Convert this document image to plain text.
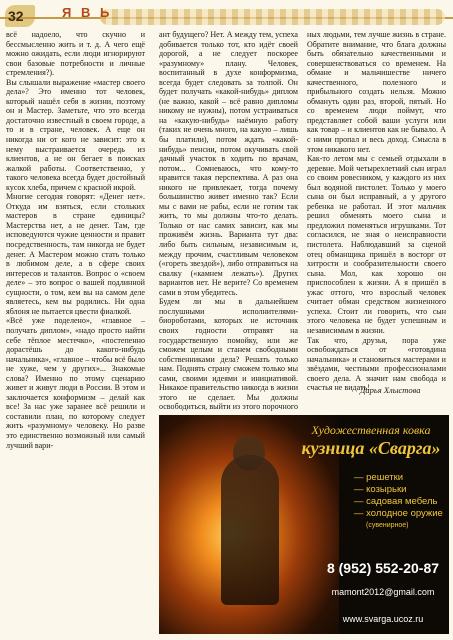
32	Я В Ь

всё надоело, что скучно и бессмысленно жить и т. д. А чего ещё можно ожидать, если люди игнорируют свои базовые потребности и личные стремления?).

Вы слышали выражение «мастер своего дела»? Это именно тот человек, который нашёл себя в жизни, поэтому он и Мастер. Заметьте, что это всегда достаточно известный в своем городе, а то и в стране, человек. А еще он никогда ни от кого не зависит: это к нему выстраивается очередь из клиентов, а не он бегает в поисках жалкой работы. Соответственно, у такого человека всегда будет достойный кусок хлеба, причем с красной икрой.

Многие сегодня говорят: «Денег нет». Откуда им взяться, если стольких мастеров в стране единицы? Мастерства нет, а не денег. Там, где исповедуются чужие ценности и правит посредственность, там никогда не будет денег. А Мастером можно стать только в любимом деле, а в сфере своих интересов и талантов. Вопрос о «своем деле» – это вопрос о вашей подлинной сущности, о том, кем вы на самом деле являетесь, кем вы родились. Ни одна яблоня не пытается цвести фиалкой.

«Всё уже поделено», «главное – получать диплом», «надо просто найти себе тёплое местечко», «постепенно дорастёшь до какого-нибудь начальника», «главное – чтобы всё было не хуже, чем у других»... Знакомые слова? Именно по этому сценарию живет и живут люди в России. В этом и заключается конформизм – делай как все! За нас уже заранее всё решили и составили план, по которому следует жить «разумному» человеку. Но разве это единственно возможный или самый лучший вари-

ант будущего? Нет. А между тем, успеха добивается только тот, кто идёт своей дорогой, а не следует поскорее «разумному» плану. Человек, воспитанный в духе конформизма, всегда будет следовать за толпой. Он будет получать «какой-нибудь» диплом (не важно, какой – всё равно дипломы никому не нужны), потом устраиваться на «какую-нибудь» наёмную работу (таких не очень много, на какую – лишь бы платили), потом ждать «какой-нибудь» пенсии, потом окучивать свой дачный участок в ходить по врачам, потом... Сомневаюсь, что кому-то нравится такая перспектива. А раз она никого не привлекает, тогда почему большинство живет именно так? Если мы с вами не рабы, если не готим так жить, то мы должны что-то делать. Только от нас самих зависит, как мы проживём жизнь. Вариантa тут два: либо быть сильным, независимым и, между прочим, счастливым человеком («гореть звездой»), либо отправиться на свалку («камнем лежать»). Других вариантов нет. Не верите? Со временем сами в этом убедитесь.

Будем ли мы в дальнейшем послушными исполнителями-биороботами, которых не источник своих годности отправят на государственную помойку, или же сможем целым и станем свободными собственниками дела? Решать только нам. Поднять страну сможем только мы сами, своими идеями и инициативой. Никакое правительство никогда в жизни этого не сделает. Мы должны освободиться, выйти из этого порочного

ных людьми, тем лучше жизнь в стране. Обратите внимание, что блага должны быть обязательно качественными и совершенствоваться со временем. На обмане и мальчишестве ничего качественного, полезного и прибыльного создать нельзя. Можно обмануть один раз, второй, пятый. Но со временем люди поймут, что представляет собой ваши услуги или как товар – и клиентов как не бывало. А с ними пропал и весь доход. Смысла в этом никакого нет.

Как-то летом мы с семьей отдыхали в деревне. Мой четырехлетний сын играл со своим ровесником, у каждого из них был водяной пистолет. Только у моего сына он был исправный, а у другого ребенка не работал. И этот мальчик решил обменять моего сына и предложил поменяться игрушками. Тот согласился, не зная о неисправности пистолета. Наблюдавший за сценой отец обманщика пришёл в восторг от хитрости и сообразительности своего сына. Мол, как хорошо он приспособлен к жизни. А я пришёл в ужас оттого, что взрослый человек считает обман средством жизненного успеха. Стоит ли говорить, что сын этого человека не будет успешным и независимым в жизни.

Так что, друзья, пора уже освобождаться от «готовдина начальника» и становиться мастерами и звёздами, честными профессионалами своего дела. А значит нам свобода и счастья не видать!

Дарья Хлыстова
Художественная ковка
кузница «Сварга»
— решетки
— козырьки
— садовая мебель
— холодное оружие
(сувенирное)
8 (952) 552-20-87
mamont2012@gmail.com
www.svarga.ucoz.ru
